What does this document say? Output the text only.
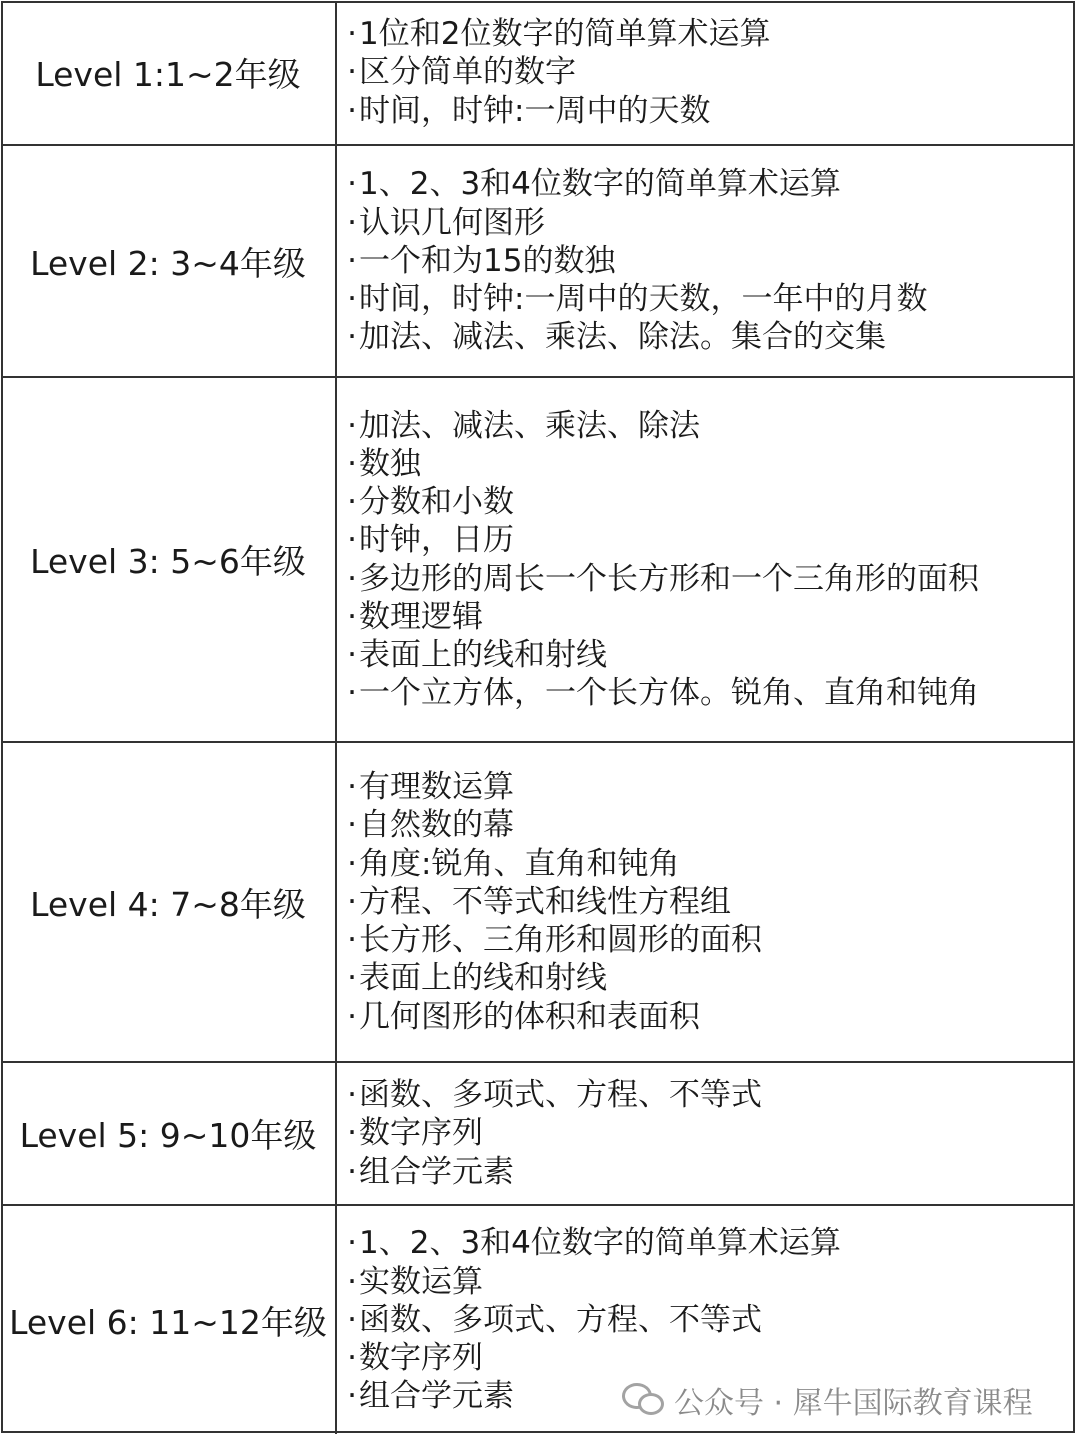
Level 1:1~2年级
·1位和2位数字的简单算术运算
·区分简单的数字
·时间，时钟:一周中的天数
Level 2: 3~4年级
·1、2、3和4位数字的简单算术运算
·认识几何图形
·一个和为15的数独
·时间，时钟:一周中的天数，一年中的月数
·加法、减法、乘法、除法。集合的交集
Level 3: 5~6年级
·加法、减法、乘法、除法
·数独
·分数和小数
·时钟，日历
·多边形的周长一个长方形和一个三角形的面积
·数理逻辑
·表面上的线和射线
·一个立方体，一个长方体。锐角、直角和钝角
Level 4: 7~8年级
·有理数运算
·自然数的幕
·角度:锐角、直角和钝角
·方程、不等式和线性方程组
·长方形、三角形和圆形的面积
·表面上的线和射线
·几何图形的体积和表面积
Level 5: 9~10年级
·函数、多项式、方程、不等式
·数字序列
·组合学元素
Level 6: 11~12年级
·1、2、3和4位数字的简单算术运算
·实数运算
·函数、多项式、方程、不等式
·数字序列
·组合学元素	公众号 · 犀牛国际教育课程
